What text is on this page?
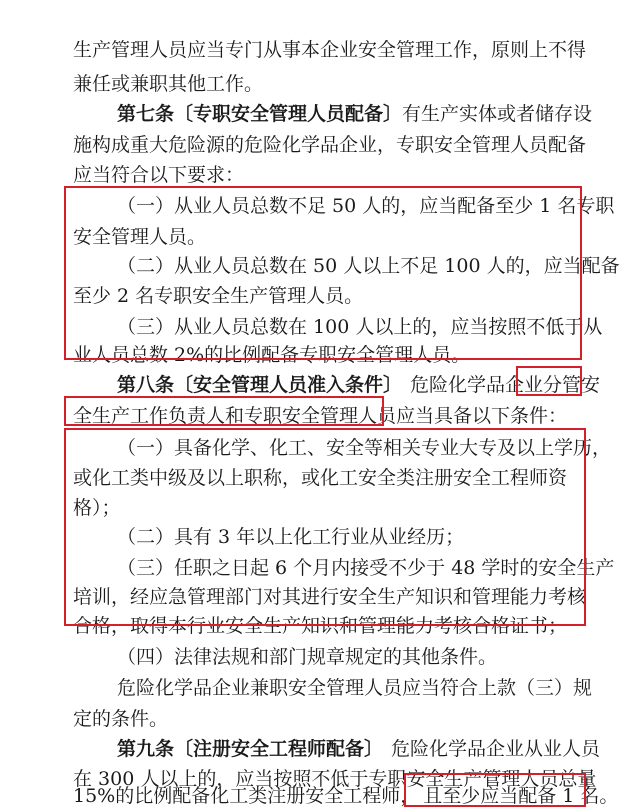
生产管理人员应当专门从事本企业安全管理工作，原则上不得
兼任或兼职其他工作。
第七条〔专职安全管理人员配备〕有生产实体或者储存设
施构成重大危险源的危险化学品企业，专职安全管理人员配备
应当符合以下要求：
（一）从业人员总数不足 50 人的，应当配备至少 1 名专职
安全管理人员。
（二）从业人员总数在 50 人以上不足 100 人的，应当配备
至少 2 名专职安全生产管理人员。
（三）从业人员总数在 100 人以上的，应当按照不低于从
业人员总数 2%的比例配备专职安全管理人员。
第八条〔安全管理人员准入条件〕 危险化学品企业分管安
全生产工作负责人和专职安全管理人员应当具备以下条件：
（一）具备化学、化工、安全等相关专业大专及以上学历，
或化工类中级及以上职称，或化工安全类注册安全工程师资
格）；
（二）具有 3 年以上化工行业从业经历；
（三）任职之日起 6 个月内接受不少于 48 学时的安全生产
培训，经应急管理部门对其进行安全生产知识和管理能力考核
合格，取得本行业安全生产知识和管理能力考核合格证书；
（四）法律法规和部门规章规定的其他条件。
危险化学品企业兼职安全管理人员应当符合上款（三）规
定的条件。
第九条〔注册安全工程师配备〕 危险化学品企业从业人员
在 300 人以上的，应当按照不低于专职安全生产管理人员总量
15%的比例配备化工类注册安全工程师， 且至少应当配备 1 名。
